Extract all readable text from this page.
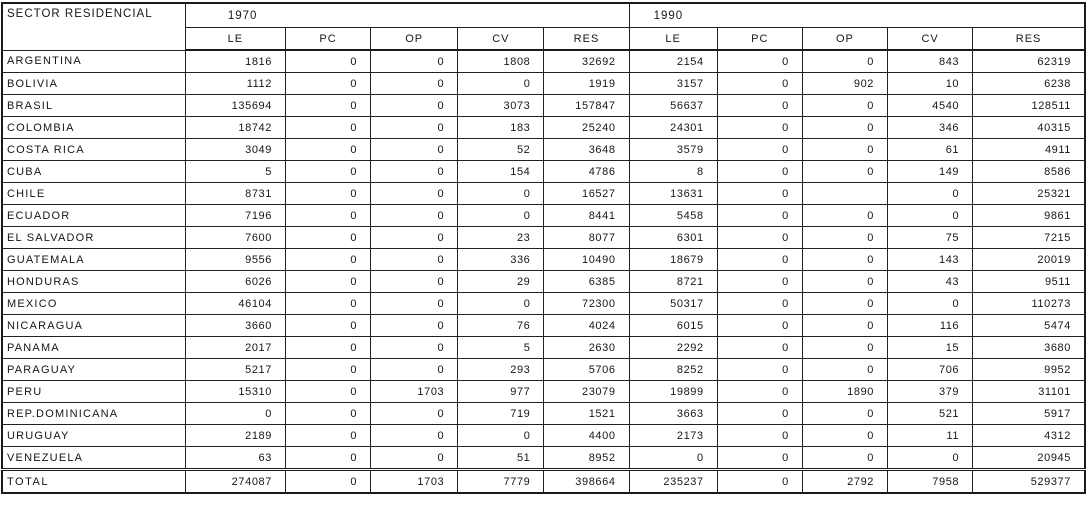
SECTOR RESIDENCIAL	1970					1990				
	LE	PC	OP	CV	RES	LE	PC	OP	CV	RES
ARGENTINA	1816	0	0	1808	32692	2154	0	0	843	62319
BOLIVIA	1112	0	0	0	1919	3157	0	902	10	6238
BRASIL	135694	0	0	3073	157847	56637	0	0	4540	128511
COLOMBIA	18742	0	0	183	25240	24301	0	0	346	40315
COSTA RICA	3049	0	0	52	3648	3579	0	0	61	4911
CUBA	5	0	0	154	4786	8	0	0	149	8586
CHILE	8731	0	0	0	16527	13631	0		0	25321
ECUADOR	7196	0	0	0	8441	5458	0	0	0	9861
EL SALVADOR	7600	0	0	23	8077	6301	0	0	75	7215
GUATEMALA	9556	0	0	336	10490	18679	0	0	143	20019
HONDURAS	6026	0	0	29	6385	8721	0	0	43	9511
MEXICO	46104	0	0	0	72300	50317	0	0	0	110273
NICARAGUA	3660	0	0	76	4024	6015	0	0	116	5474
PANAMA	2017	0	0	5	2630	2292	0	0	15	3680
PARAGUAY	5217	0	0	293	5706	8252	0	0	706	9952
PERU	15310	0	1703	977	23079	19899	0	1890	379	31101
REP.DOMINICANA	0	0	0	719	1521	3663	0	0	521	5917
URUGUAY	2189	0	0	0	4400	2173	0	0	11	4312
VENEZUELA	63	0	0	51	8952	0	0	0	0	20945
TOTAL	274087	0	1703	7779	398664	235237	0	2792	7958	529377
